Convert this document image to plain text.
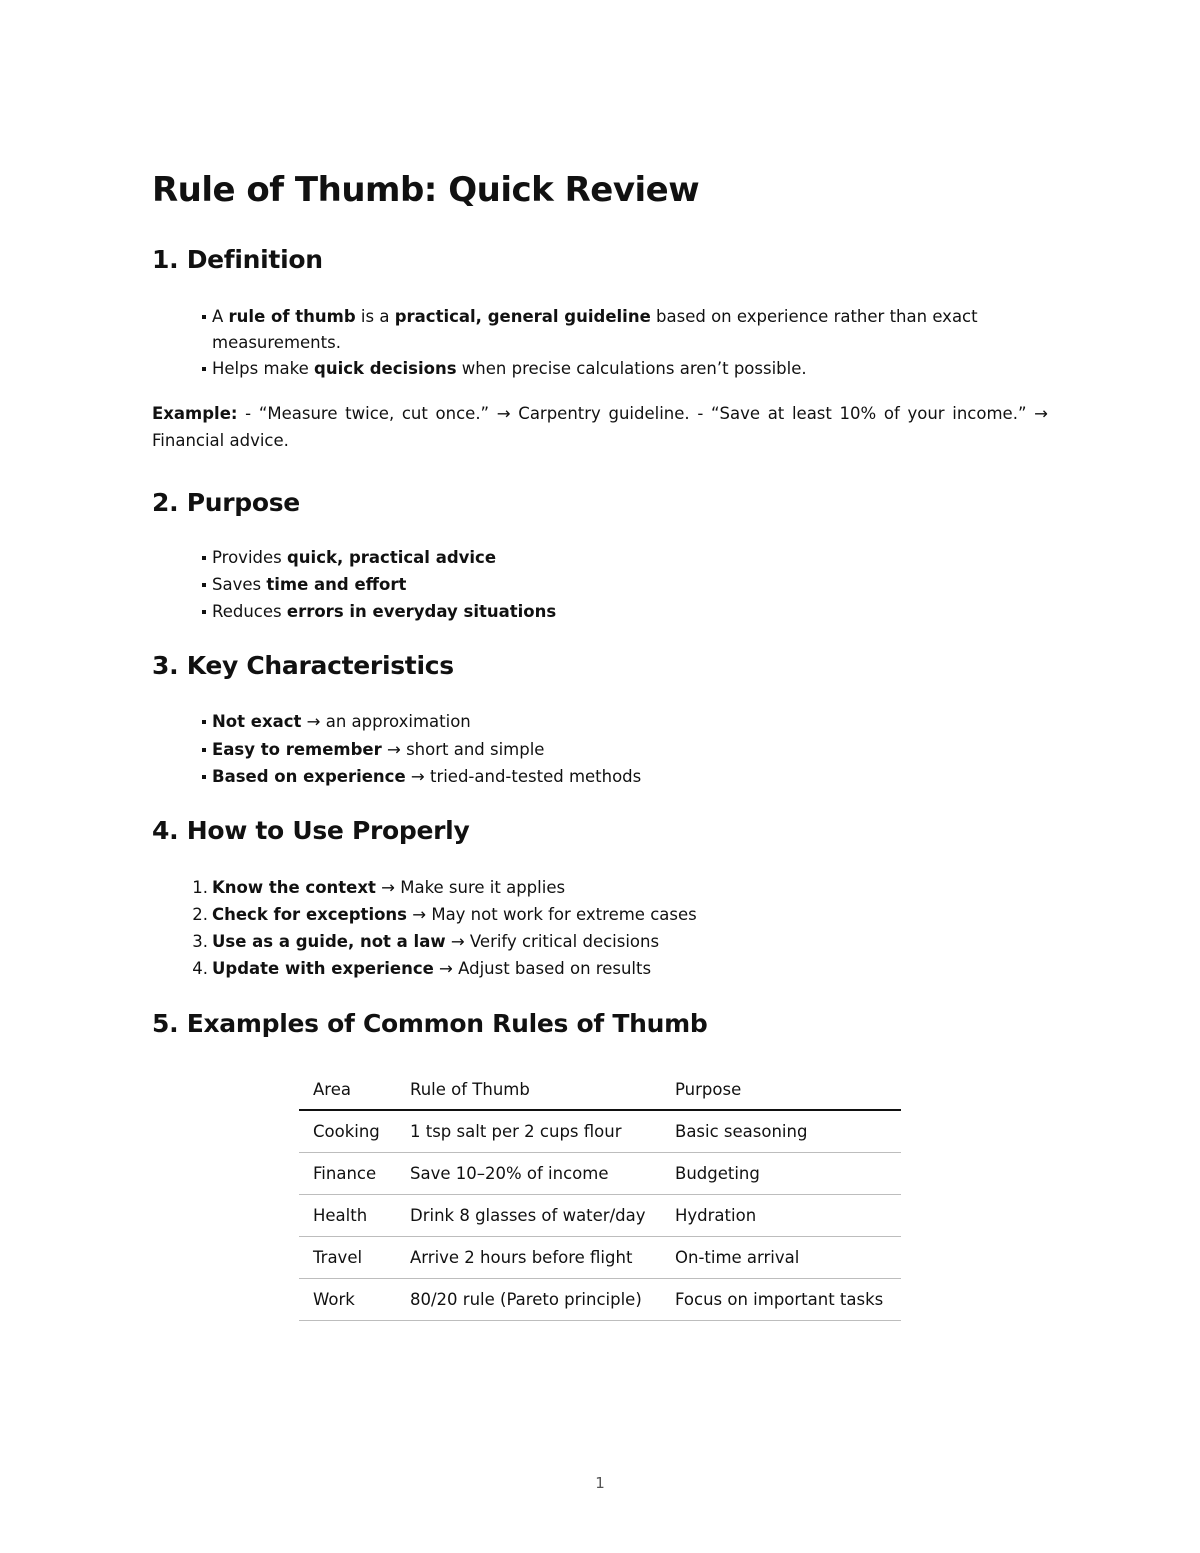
Rule of Thumb: Quick Review
1. Definition
A rule of thumb is a practical, general guideline based on experience rather than exact
measurements.
Helps make quick decisions when precise calculations aren’t possible.

Example: - “Measure twice, cut once.” → Carpentry guideline. - “Save at least 10% of your income.” →

Financial advice.

2. Purpose
Provides quick, practical advice
Saves time and effort
Reduces errors in everyday situations
3. Key Characteristics
Not exact → an approximation
Easy to remember → short and simple
Based on experience → tried-and-tested methods
4. How to Use Properly
1. Know the context → Make sure it applies
2. Check for exceptions → May not work for extreme cases
3. Use as a guide, not a law → Verify critical decisions
4. Update with experience → Adjust based on results
5. Examples of Common Rules of Thumb
Area	Rule of Thumb	Purpose
Cooking	1 tsp salt per 2 cups flour	Basic seasoning
Finance	Save 10–20% of income	Budgeting
Health	Drink 8 glasses of water/day	Hydration
Travel	Arrive 2 hours before flight	On-time arrival
Work	80/20 rule (Pareto principle)	Focus on important tasks
1
